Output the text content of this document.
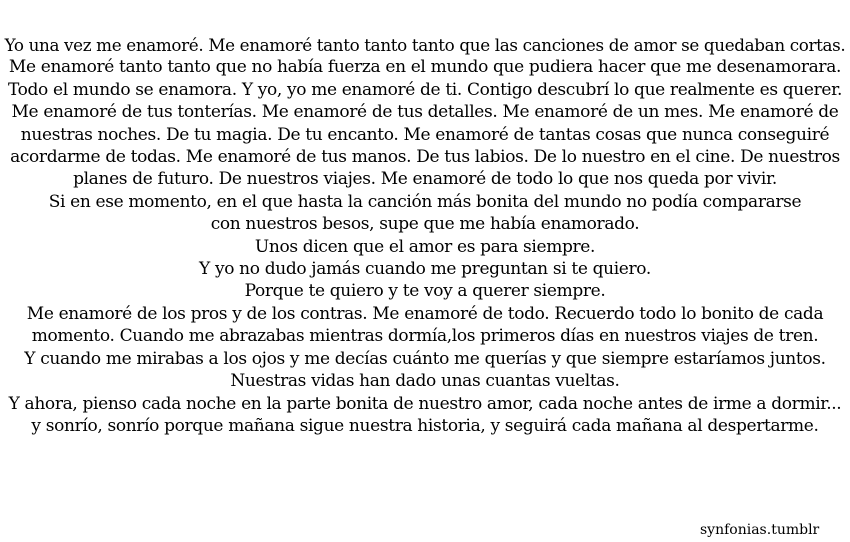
Yo una vez me enamoré. Me enamoré tanto tanto tanto que las canciones de amor se quedaban cortas.
Me enamoré tanto tanto que no había fuerza en el mundo que pudiera hacer que me desenamorara.
Todo el mundo se enamora. Y yo, yo me enamoré de ti. Contigo descubrí lo que realmente es querer.
Me enamoré de tus tonterías. Me enamoré de tus detalles. Me enamoré de un mes. Me enamoré de
nuestras noches. De tu magia. De tu encanto. Me enamoré de tantas cosas que nunca conseguiré
acordarme de todas. Me enamoré de tus manos. De tus labios. De lo nuestro en el cine. De nuestros
planes de futuro. De nuestros viajes. Me enamoré de todo lo que nos queda por vivir.
Si en ese momento, en el que hasta la canción más bonita del mundo no podía compararse
con nuestros besos, supe que me había enamorado.
Unos dicen que el amor es para siempre.
Y yo no dudo jamás cuando me preguntan si te quiero.
Porque te quiero y te voy a querer siempre.
Me enamoré de los pros y de los contras. Me enamoré de todo. Recuerdo todo lo bonito de cada
momento. Cuando me abrazabas mientras dormía,los primeros días en nuestros viajes de tren.
Y cuando me mirabas a los ojos y me decías cuánto me querías y que siempre estaríamos juntos.
Nuestras vidas han dado unas cuantas vueltas.
Y ahora, pienso cada noche en la parte bonita de nuestro amor, cada noche antes de irme a dormir...
y sonrío, sonrío porque mañana sigue nuestra historia, y seguirá cada mañana al despertarme.
synfonias.tumblr
